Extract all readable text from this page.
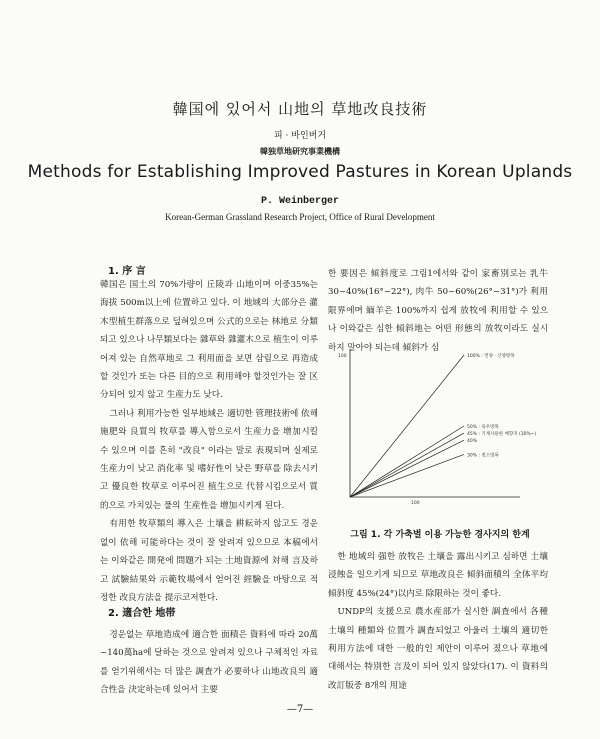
韓国에 있어서 山地의 草地改良技術
피 · 바인버거
韓独草地研究事業機構
Methods for Establishing Improved Pastures in Korean Uplands
P. Weinberger
Korean-German Grassland Research Project, Office of Rural Development
1. 序 言

韓国은 国土의 70%가량이 丘陵과 山地이며 이중35%는 海拔 500m以上에 位置하고 있다. 이 地域의 大部分은 灌木型植生群落으로 덮혀있으며 公式的으로는 林地로 分類되고 있으나 나무類보다는 雜草와 雜灌木으로 植生이 이루어져 있는 自然草地로 그 利用面을 보면 삼림으로 再造成할 것인가 또는 다른 目的으로 利用해야 할것인가는 잘 区分되어 있지 않고 生産力도 낮다.

그러나 利用가능한 일부地域은 適切한 管理技術에 依해 施肥와 良質의 牧草를 導入함으로서 生産力을 增加시킬 수 있으며 이를 흔히 "改良" 이라는 말로 表現되며 실제로 生産力이 낮고 消化率 및 嗜好性이 낮은 野草를 除去시키고 優良한 牧草로 이루어진 植生으로 代替시킴으로서 質的으로 가치있는 풀의 生産性을 增加시키게 된다.

有用한 牧草類의 導入은 土壤을 耕耘하지 않고도 경운없이 依해 可能하다는 것이 잘 알려져 있으므로 本稿에서는 이와같은 開発에 問題가 되는 土地資源에 対해 言及하고 試驗結果와 示範牧場에서 얻어진 經驗을 바탕으로 적정한 改良方法을 提示코저한다.

2. 適合한 地帯

경운없는 草地造成에 適合한 面積은 資料에 따라 20萬~140萬ha에 달하는 것으로 알려져 있으나 구체적인 자료를 얻기위해서는 더 많은 調査가 必要하나 山地改良의 適合性을 決定하는데 있어서 主要

한 要因은 傾斜度로 그림1에서와 같이 家畜別로는 乳牛 30~40%(16°~22°), 肉牛 50~60%(26°~31°)가 利用限界에며 緬羊은 100%까지 쉽게 放牧에 利用할 수 있으나 이와같은 심한 傾斜地는 어떤 形態의 放牧이라도 실시하지 말아야 되는데 傾斜가 심

100% : 면양 · 산양방목
50% : 육우방목
45% : 기계사용한 배향지 (30%~)
40%
30% : 젖소방목
100
100
그림 1. 각 가축별 이용 가능한 경사지의 한계

한 地域의 强한 放牧은 土壤을 露出시키고 심하면 土壤浸蝕을 일으키게 되므로 草地改良은 傾斜面積의 全体平均 傾斜度 45%(24°)以内로 除限하는 것이 좋다.

UNDP의 支援으로 農水産部가 실시한 調査에서 各種 土壤의 種類와 位置가 調査되었고 아울러 土壤의 適切한 利用方法에 대한 一般的인 제안이 이루어 졌으나 草地에 대해서는 特別한 言及이 되어 있지 않았다(17). 이 資料의 改訂版중 8개의 用途

—7—
